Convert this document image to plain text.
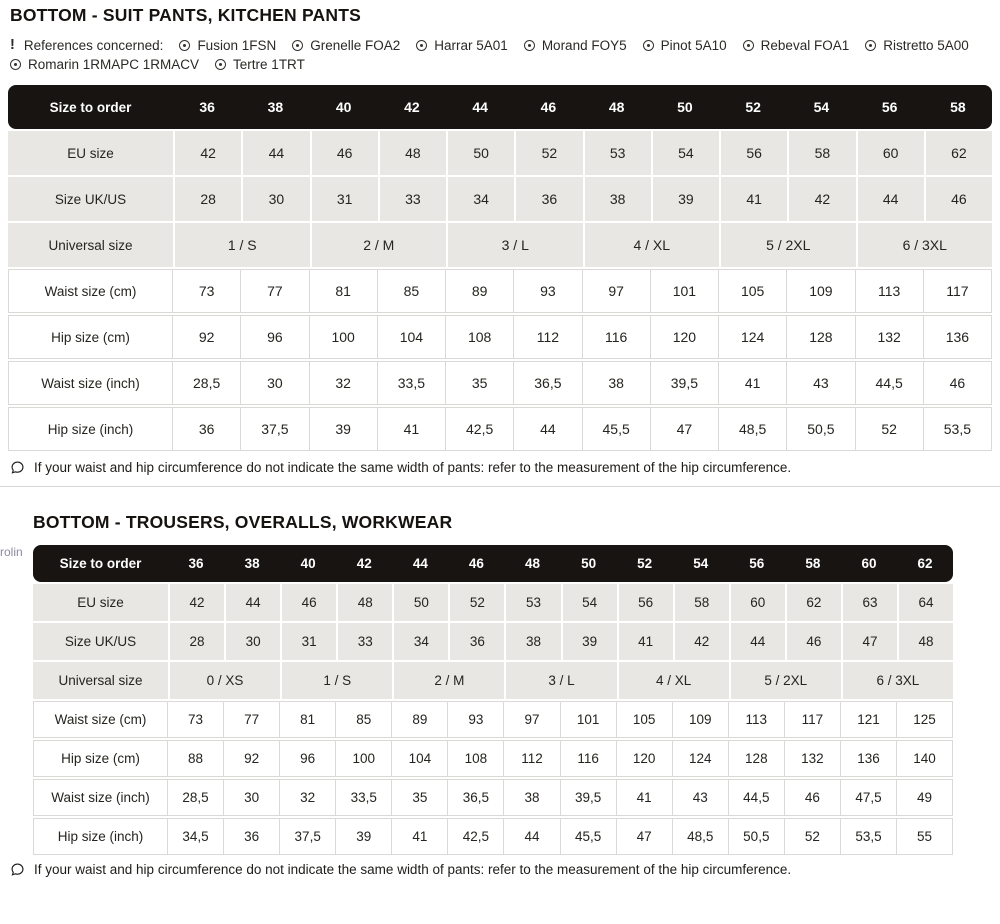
BOTTOM - SUIT PANTS, KITCHEN PANTS
! References concerned:	Fusion 1FSN	Grenelle FOA2	Harrar 5A01	Morand FOY5	Pinot 5A10	Rebeval FOA1	Ristretto 5A00
Romarin 1RMAPC 1RMACV	Tertre 1TRT
Size to order	36	38	40	42	44	46	48	50	52	54	56	58
EU size	42	44	46	48	50	52	53	54	56	58	60	62
Size UK/US	28	30	31	33	34	36	38	39	41	42	44	46
Universal size	1 / S	2 / M	3 / L	4 / XL	5 / 2XL	6 / 3XL
Waist size (cm)	73	77	81	85	89	93	97	101	105	109	113	117
Hip size (cm)	92	96	100	104	108	112	116	120	124	128	132	136
Waist size (inch)	28,5	30	32	33,5	35	36,5	38	39,5	41	43	44,5	46
Hip size (inch)	36	37,5	39	41	42,5	44	45,5	47	48,5	50,5	52	53,5
If your waist and hip circumference do not indicate the same width of pants: refer to the measurement of the hip circumference.
BOTTOM - TROUSERS, OVERALLS, WORKWEAR
Size to order	36	38	40	42	44	46	48	50	52	54	56	58	60	62
EU size	42	44	46	48	50	52	53	54	56	58	60	62	63	64
Size UK/US	28	30	31	33	34	36	38	39	41	42	44	46	47	48
Universal size	0 / XS	1 / S	2 / M	3 / L	4 / XL	5 / 2XL	6 / 3XL
Waist size (cm)	73	77	81	85	89	93	97	101	105	109	113	117	121	125
Hip size (cm)	88	92	96	100	104	108	112	116	120	124	128	132	136	140
Waist size (inch)	28,5	30	32	33,5	35	36,5	38	39,5	41	43	44,5	46	47,5	49
Hip size (inch)	34,5	36	37,5	39	41	42,5	44	45,5	47	48,5	50,5	52	53,5	55
If your waist and hip circumference do not indicate the same width of pants: refer to the measurement of the hip circumference.
rolin
